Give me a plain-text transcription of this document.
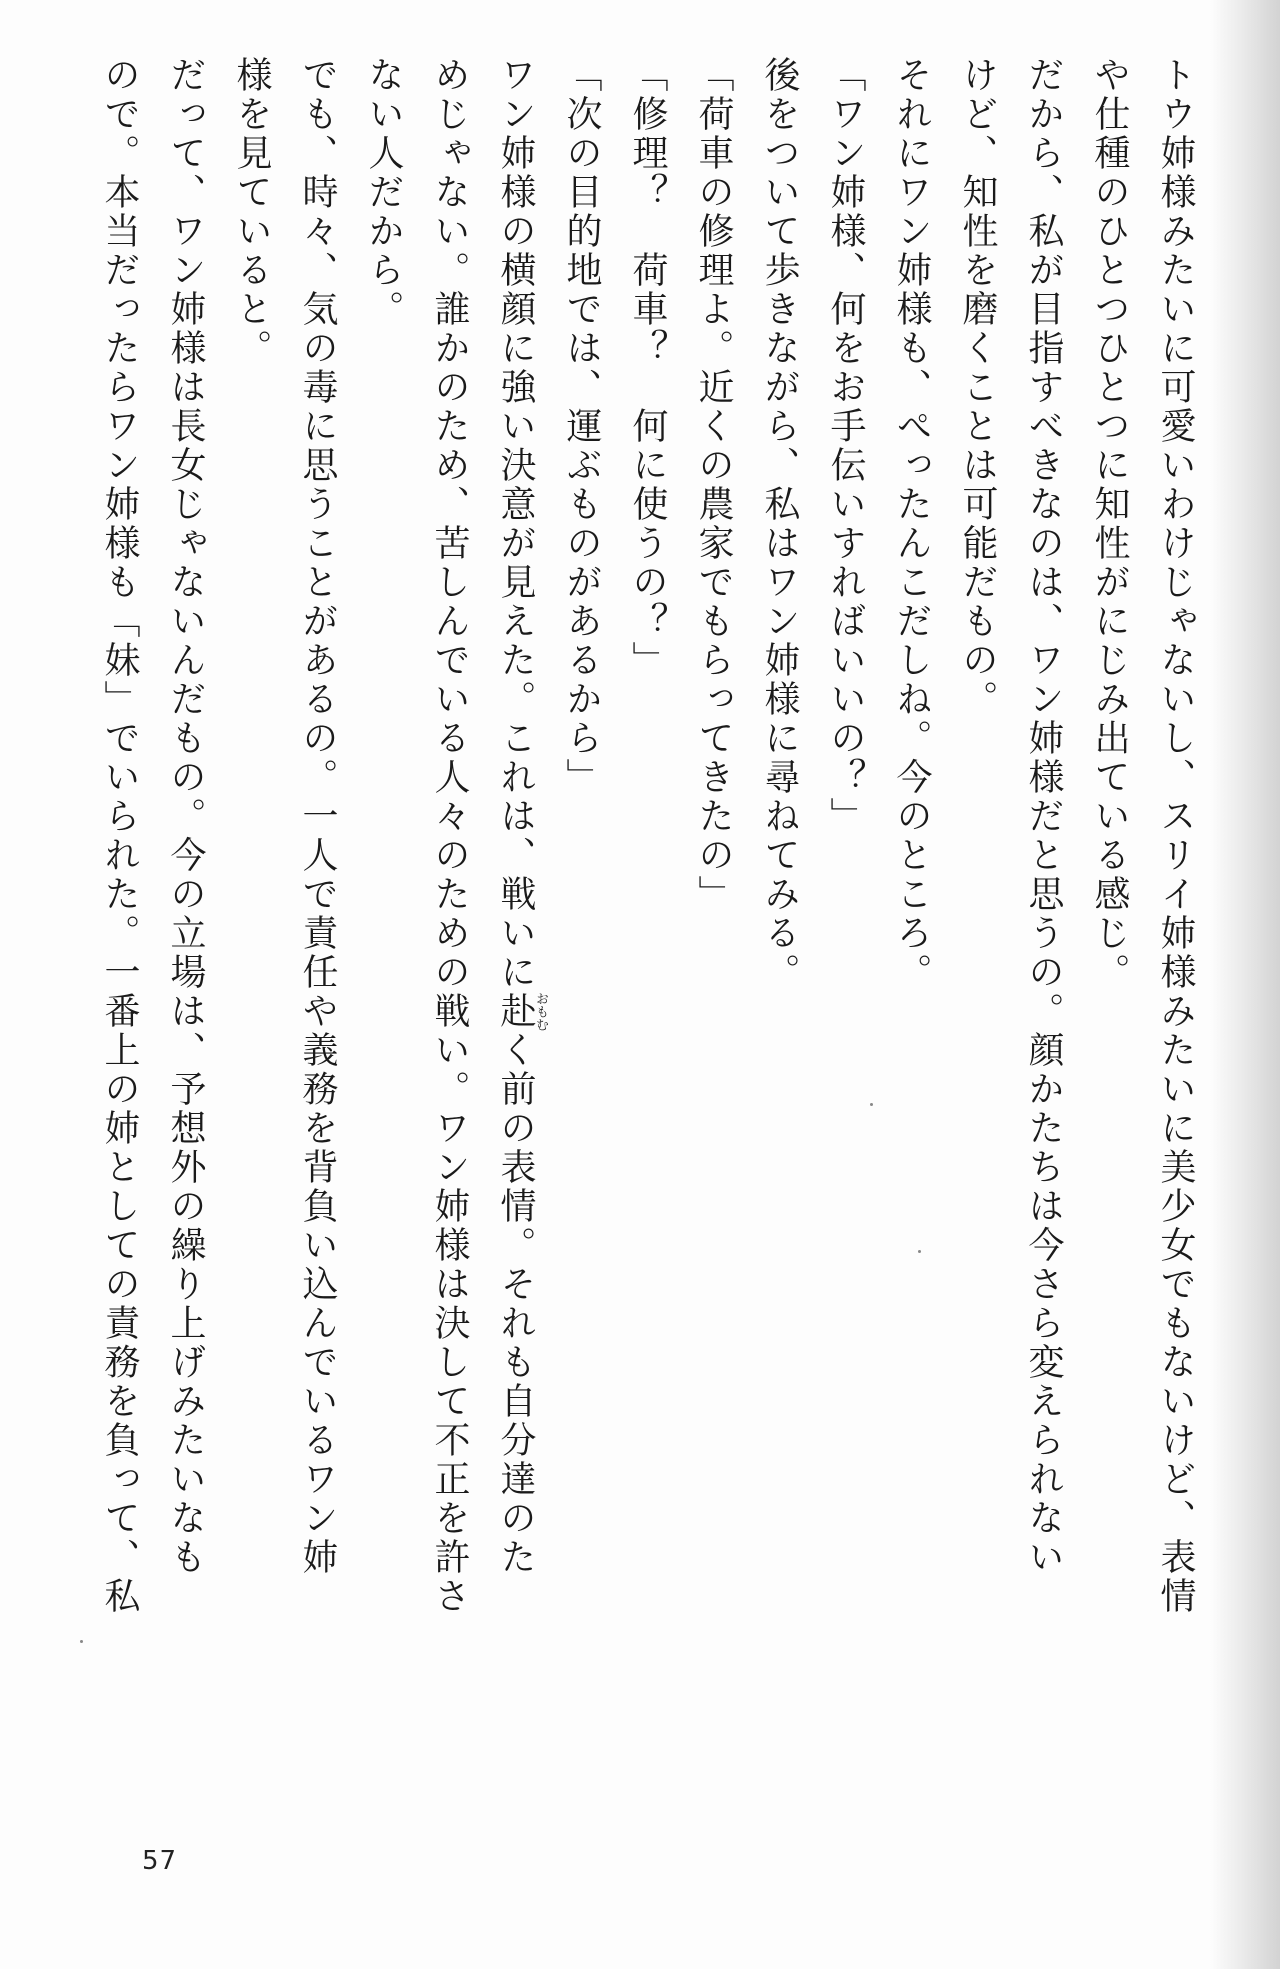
トウ姉様みたいに可愛いわけじゃないし、スリイ姉様みたいに美少女でもないけど、表情
や仕種のひとつひとつに知性がにじみ出ている感じ。
だから、私が目指すべきなのは、ワン姉様だと思うの。顔かたちは今さら変えられない
けど、知性を磨くことは可能だもの。
それにワン姉様も、ぺったんこだしね。今のところ。
「ワン姉様、何をお手伝いすればいいの？」
後をついて歩きながら、私はワン姉様に尋ねてみる。
「荷車の修理よ。近くの農家でもらってきたの」
「修理？　荷車？　何に使うの？」
「次の目的地では、運ぶものがあるから」
ワン姉様の横顔に強い決意が見えた。これは、戦いに赴おもむく前の表情。それも自分達のた
めじゃない。誰かのため、苦しんでいる人々のための戦い。ワン姉様は決して不正を許さ
ない人だから。
でも、時々、気の毒に思うことがあるの。一人で責任や義務を背負い込んでいるワン姉
様を見ていると。
だって、ワン姉様は長女じゃないんだもの。今の立場は、予想外の繰り上げみたいなも
ので。本当だったらワン姉様も「妹」でいられた。一番上の姉としての責務を負って、私
57
